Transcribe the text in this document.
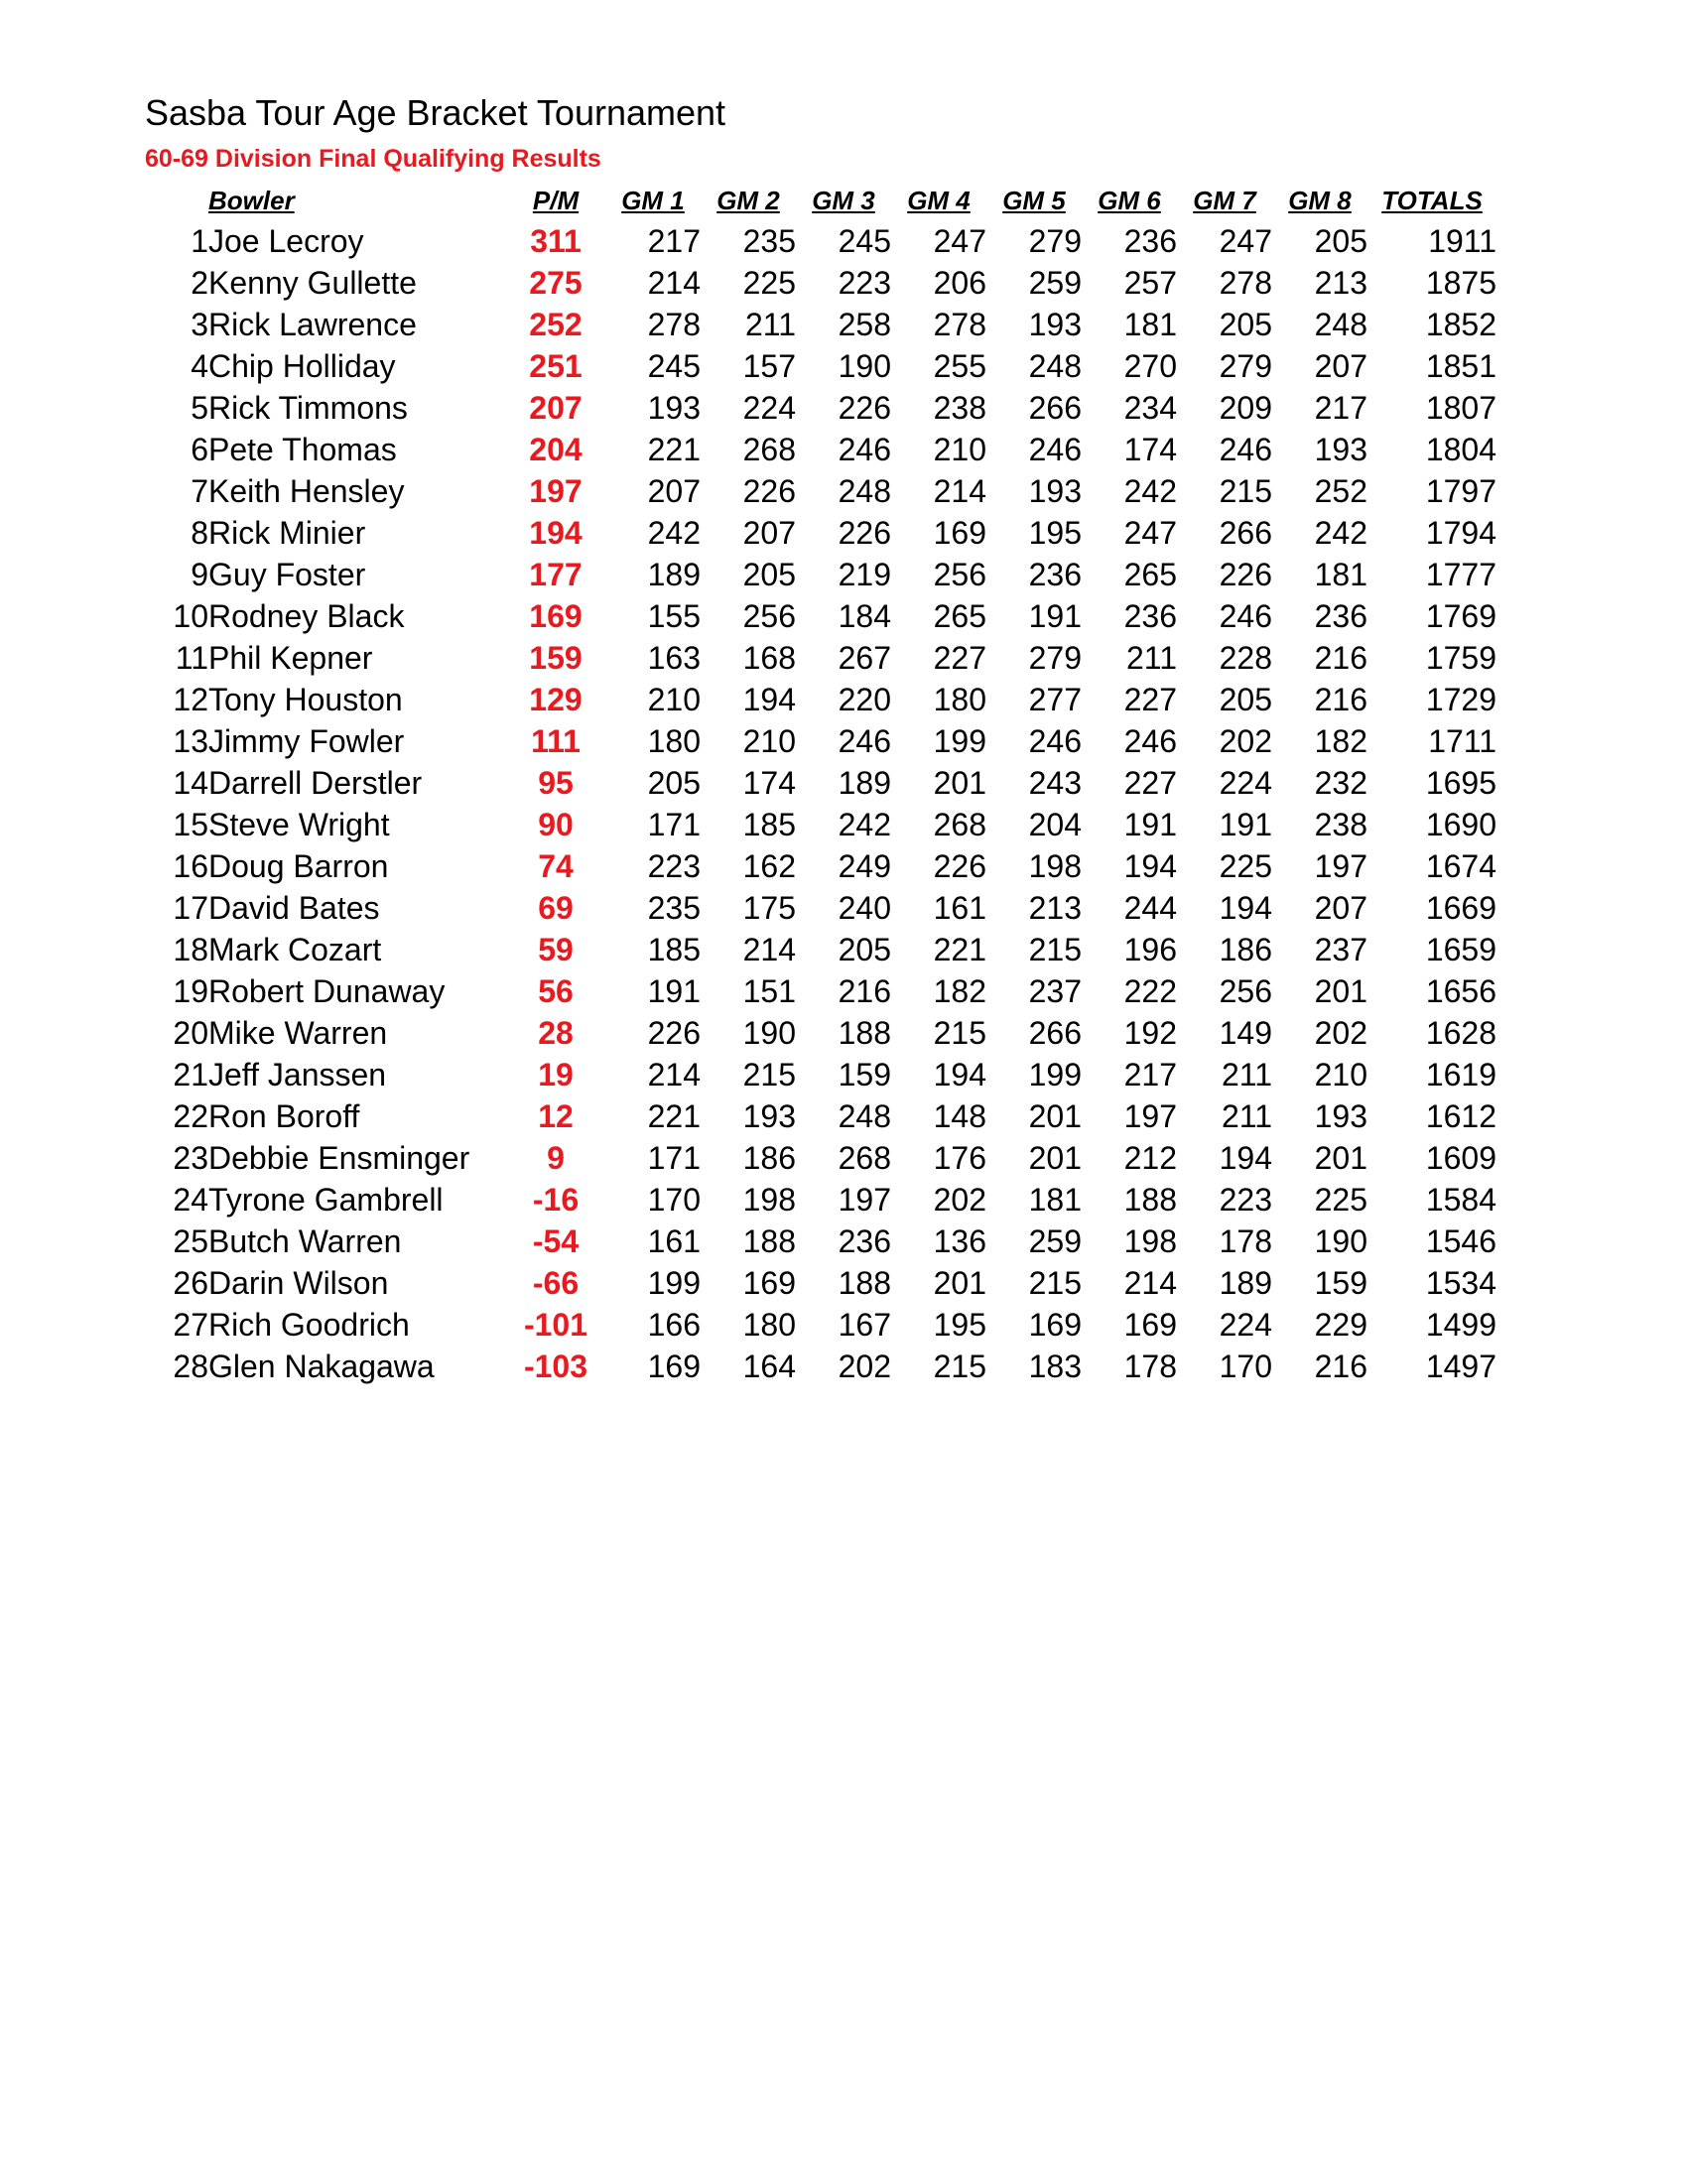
Sasba Tour Age Bracket Tournament
60-69 Division Final Qualifying Results
	Bowler	P/M	GM 1	GM 2	GM 3	GM 4	GM 5	GM 6	GM 7	GM 8	TOTALS
1	Joe Lecroy	311	217	235	245	247	279	236	247	205	1911
2	Kenny Gullette	275	214	225	223	206	259	257	278	213	1875
3	Rick Lawrence	252	278	211	258	278	193	181	205	248	1852
4	Chip Holliday	251	245	157	190	255	248	270	279	207	1851
5	Rick Timmons	207	193	224	226	238	266	234	209	217	1807
6	Pete Thomas	204	221	268	246	210	246	174	246	193	1804
7	Keith Hensley	197	207	226	248	214	193	242	215	252	1797
8	Rick Minier	194	242	207	226	169	195	247	266	242	1794
9	Guy Foster	177	189	205	219	256	236	265	226	181	1777
10	Rodney Black	169	155	256	184	265	191	236	246	236	1769
11	Phil Kepner	159	163	168	267	227	279	211	228	216	1759
12	Tony Houston	129	210	194	220	180	277	227	205	216	1729
13	Jimmy Fowler	111	180	210	246	199	246	246	202	182	1711
14	Darrell Derstler	95	205	174	189	201	243	227	224	232	1695
15	Steve Wright	90	171	185	242	268	204	191	191	238	1690
16	Doug Barron	74	223	162	249	226	198	194	225	197	1674
17	David Bates	69	235	175	240	161	213	244	194	207	1669
18	Mark Cozart	59	185	214	205	221	215	196	186	237	1659
19	Robert Dunaway	56	191	151	216	182	237	222	256	201	1656
20	Mike Warren	28	226	190	188	215	266	192	149	202	1628
21	Jeff Janssen	19	214	215	159	194	199	217	211	210	1619
22	Ron Boroff	12	221	193	248	148	201	197	211	193	1612
23	Debbie Ensminger	9	171	186	268	176	201	212	194	201	1609
24	Tyrone Gambrell	-16	170	198	197	202	181	188	223	225	1584
25	Butch Warren	-54	161	188	236	136	259	198	178	190	1546
26	Darin Wilson	-66	199	169	188	201	215	214	189	159	1534
27	Rich Goodrich	-101	166	180	167	195	169	169	224	229	1499
28	Glen Nakagawa	-103	169	164	202	215	183	178	170	216	1497
